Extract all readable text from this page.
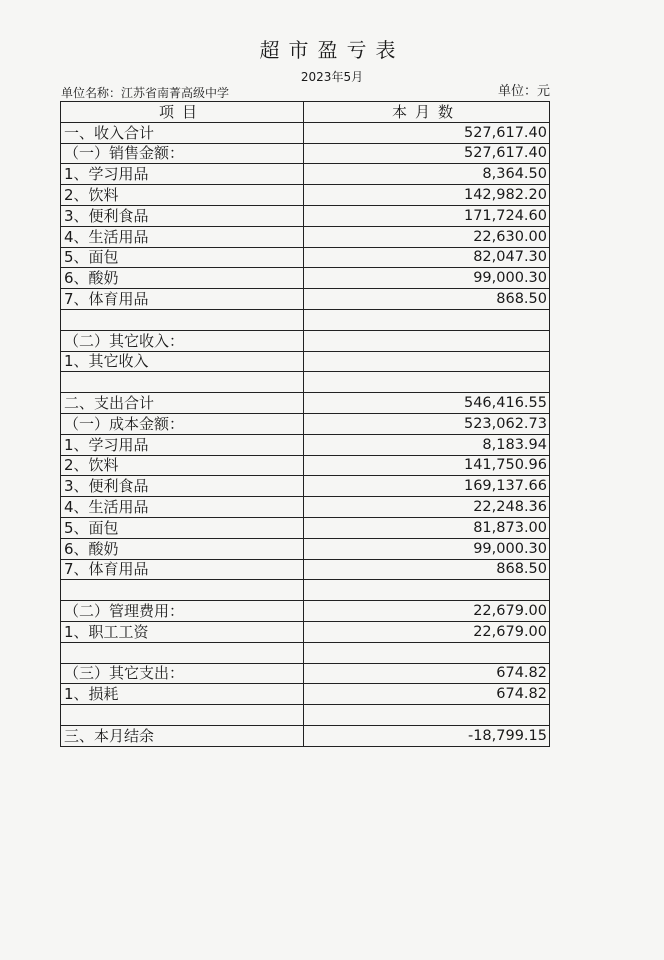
超市盈亏表
2023年5月
单位名称：江苏省南菁高级中学	单位：元
项目	本月数
一、收入合计	527,617.40
（一）销售金额：	527,617.40
1、学习用品	8,364.50
2、饮料	142,982.20
3、便利食品	171,724.60
4、生活用品	22,630.00
5、面包	82,047.30
6、酸奶	99,000.30
7、体育用品	868.50

（二）其它收入：	
1、其它收入	

二、支出合计	546,416.55
（一）成本金额：	523,062.73
1、学习用品	8,183.94
2、饮料	141,750.96
3、便利食品	169,137.66
4、生活用品	22,248.36
5、面包	81,873.00
6、酸奶	99,000.30
7、体育用品	868.50

（二）管理费用：	22,679.00
1、职工工资	22,679.00

（三）其它支出：	674.82
1、损耗	674.82

三、本月结余	-18,799.15
